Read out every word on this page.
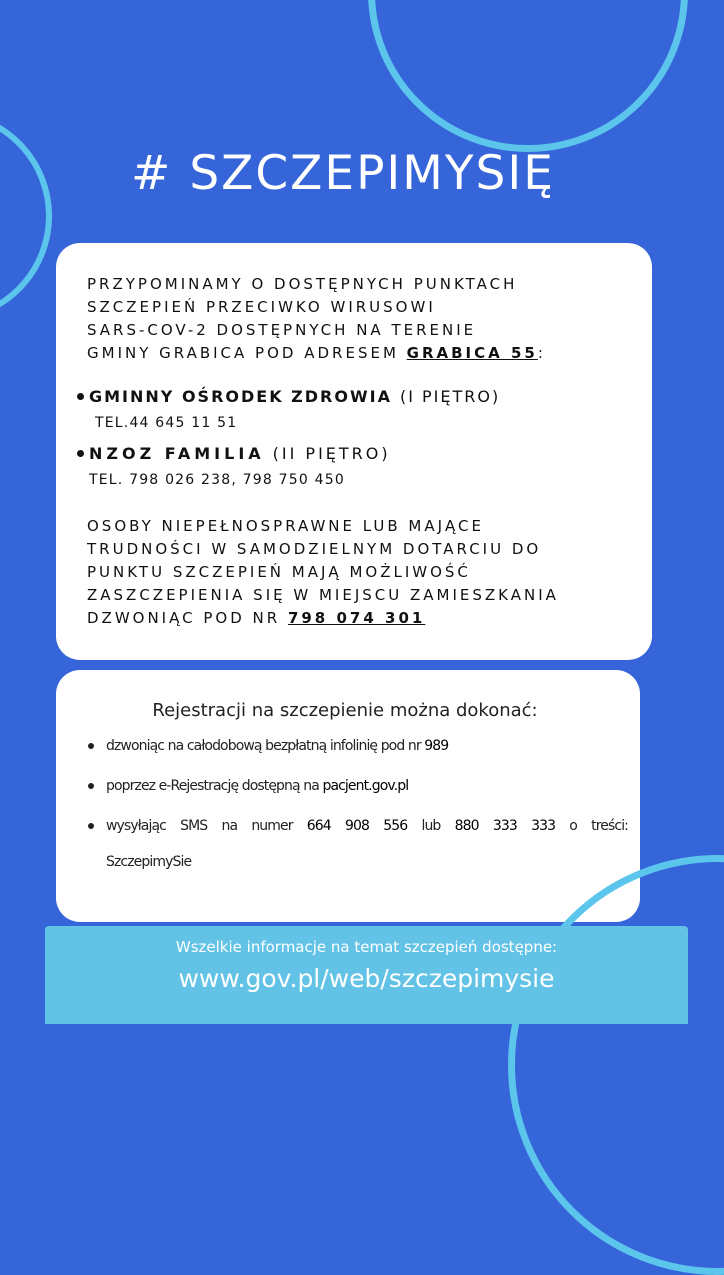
# SZCZEPIMYSIĘ
PRZYPOMINAMY O DOSTĘPNYCH PUNKTACH
SZCZEPIEŃ PRZECIWKO WIRUSOWI
SARS-COV-2 DOSTĘPNYCH NA TERENIE
GMINY GRABICA POD ADRESEM GRABICA 55:
GMINNY OŚRODEK ZDROWIA (I PIĘTRO)
TEL.44 645 11 51
NZOZ FAMILIA (II PIĘTRO)
TEL. 798 026 238, 798 750 450
OSOBY NIEPEŁNOSPRAWNE LUB MAJĄCE
TRUDNOŚCI W SAMODZIELNYM DOTARCIU DO
PUNKTU SZCZEPIEŃ MAJĄ MOŻLIWOŚĆ
ZASZCZEPIENIA SIĘ W MIEJSCU ZAMIESZKANIA
DZWONIĄC POD NR 798 074 301
Rejestracji na szczepienie można dokonać:
dzwoniąc na całodobową bezpłatną infolinię pod nr 989
poprzez e-Rejestrację dostępną na pacjent.gov.pl
wysyłając SMS na numer 664 908 556 lub 880 333 333 o treści:
SzczepimySie
Wszelkie informacje na temat szczepień dostępne:
www.gov.pl/web/szczepimysie
